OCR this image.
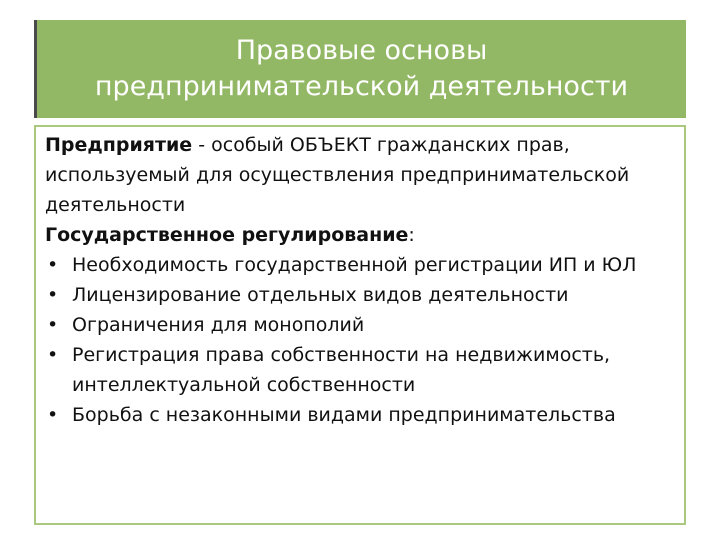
Правовые основы
предпринимательской деятельности

Предприятие - особый ОБЪЕКТ гражданских прав, используемый для осуществления предпринимательской деятельности

Государственное регулирование:

• Необходимость государственной регистрации ИП и ЮЛ
• Лицензирование отдельных видов деятельности
• Ограничения для монополий
• Регистрация права собственности на недвижимость, интеллектуальной собственности
• Борьба с незаконными видами предпринимательства
